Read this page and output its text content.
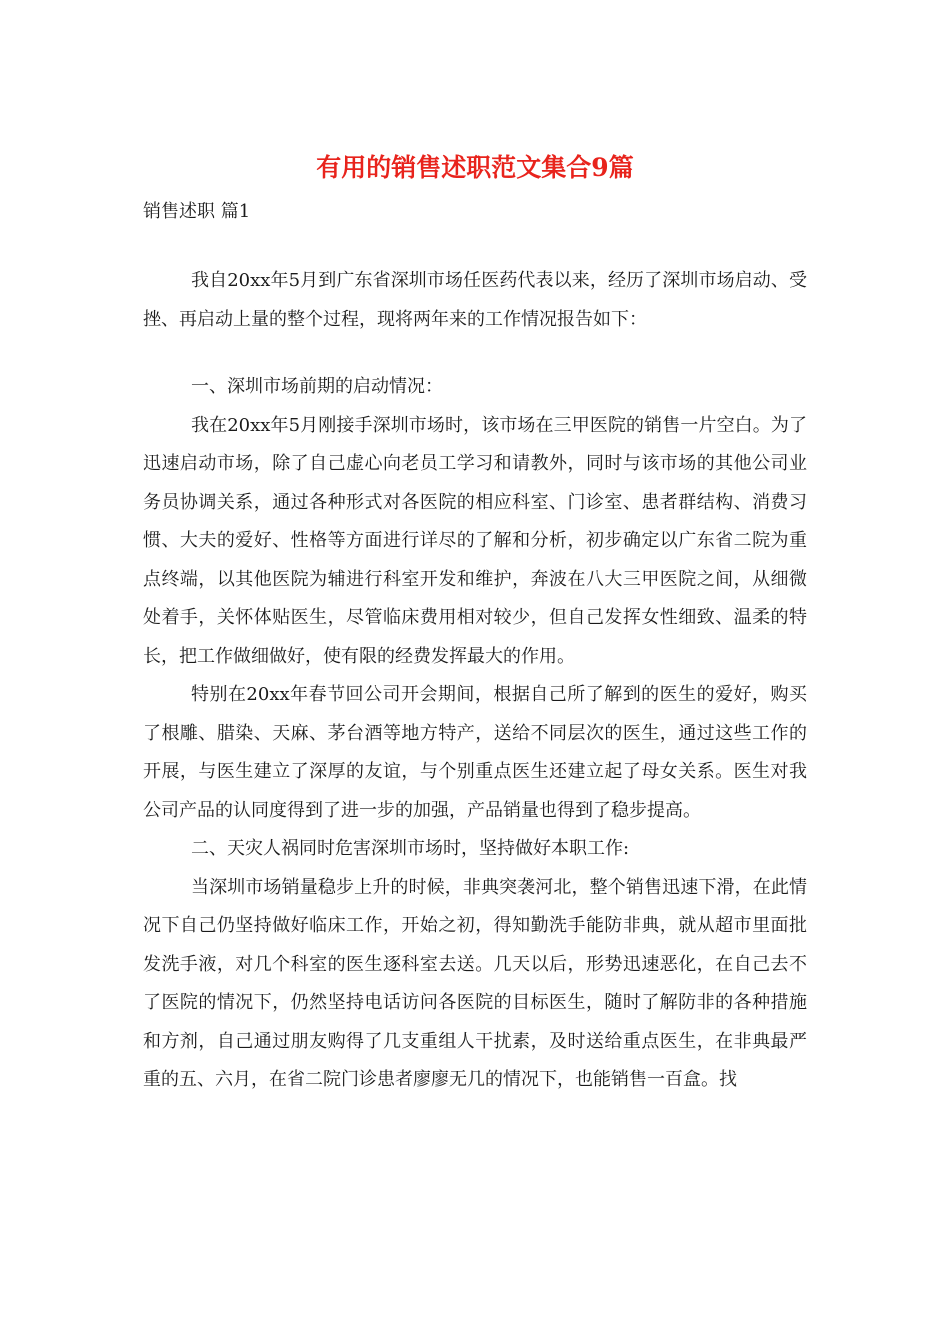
有用的销售述职范文集合9篇
销售述职 篇1

我自20xx年5月到广东省深圳市场任医药代表以来，经历了深圳市场启动、受挫、再启动上量的整个过程，现将两年来的工作情况报告如下：

一、深圳市场前期的启动情况：

我在20xx年5月刚接手深圳市场时，该市场在三甲医院的销售一片空白。为了迅速启动市场，除了自己虚心向老员工学习和请教外，同时与该市场的其他公司业务员协调关系，通过各种形式对各医院的相应科室、门诊室、患者群结构、消费习惯、大夫的爱好、性格等方面进行详尽的了解和分析，初步确定以广东省二院为重点终端，以其他医院为辅进行科室开发和维护，奔波在八大三甲医院之间，从细微处着手，关怀体贴医生，尽管临床费用相对较少，但自己发挥女性细致、温柔的特长，把工作做细做好，使有限的经费发挥最大的作用。

特别在20xx年春节回公司开会期间，根据自己所了解到的医生的爱好，购买了根雕、腊染、天麻、茅台酒等地方特产，送给不同层次的医生，通过这些工作的开展，与医生建立了深厚的友谊，与个别重点医生还建立起了母女关系。医生对我公司产品的认同度得到了进一步的加强，产品销量也得到了稳步提高。

二、天灾人祸同时危害深圳市场时，坚持做好本职工作:

当深圳市场销量稳步上升的时候，非典突袭河北，整个销售迅速下滑，在此情况下自己仍坚持做好临床工作，开始之初，得知勤洗手能防非典，就从超市里面批发洗手液，对几个科室的医生逐科室去送。几天以后，形势迅速恶化，在自己去不了医院的情况下，仍然坚持电话访问各医院的目标医生，随时了解防非的各种措施和方剂，自己通过朋友购得了几支重组人干扰素，及时送给重点医生，在非典最严重的五、六月，在省二院门诊患者廖廖无几的情况下，也能销售一百盒。找
